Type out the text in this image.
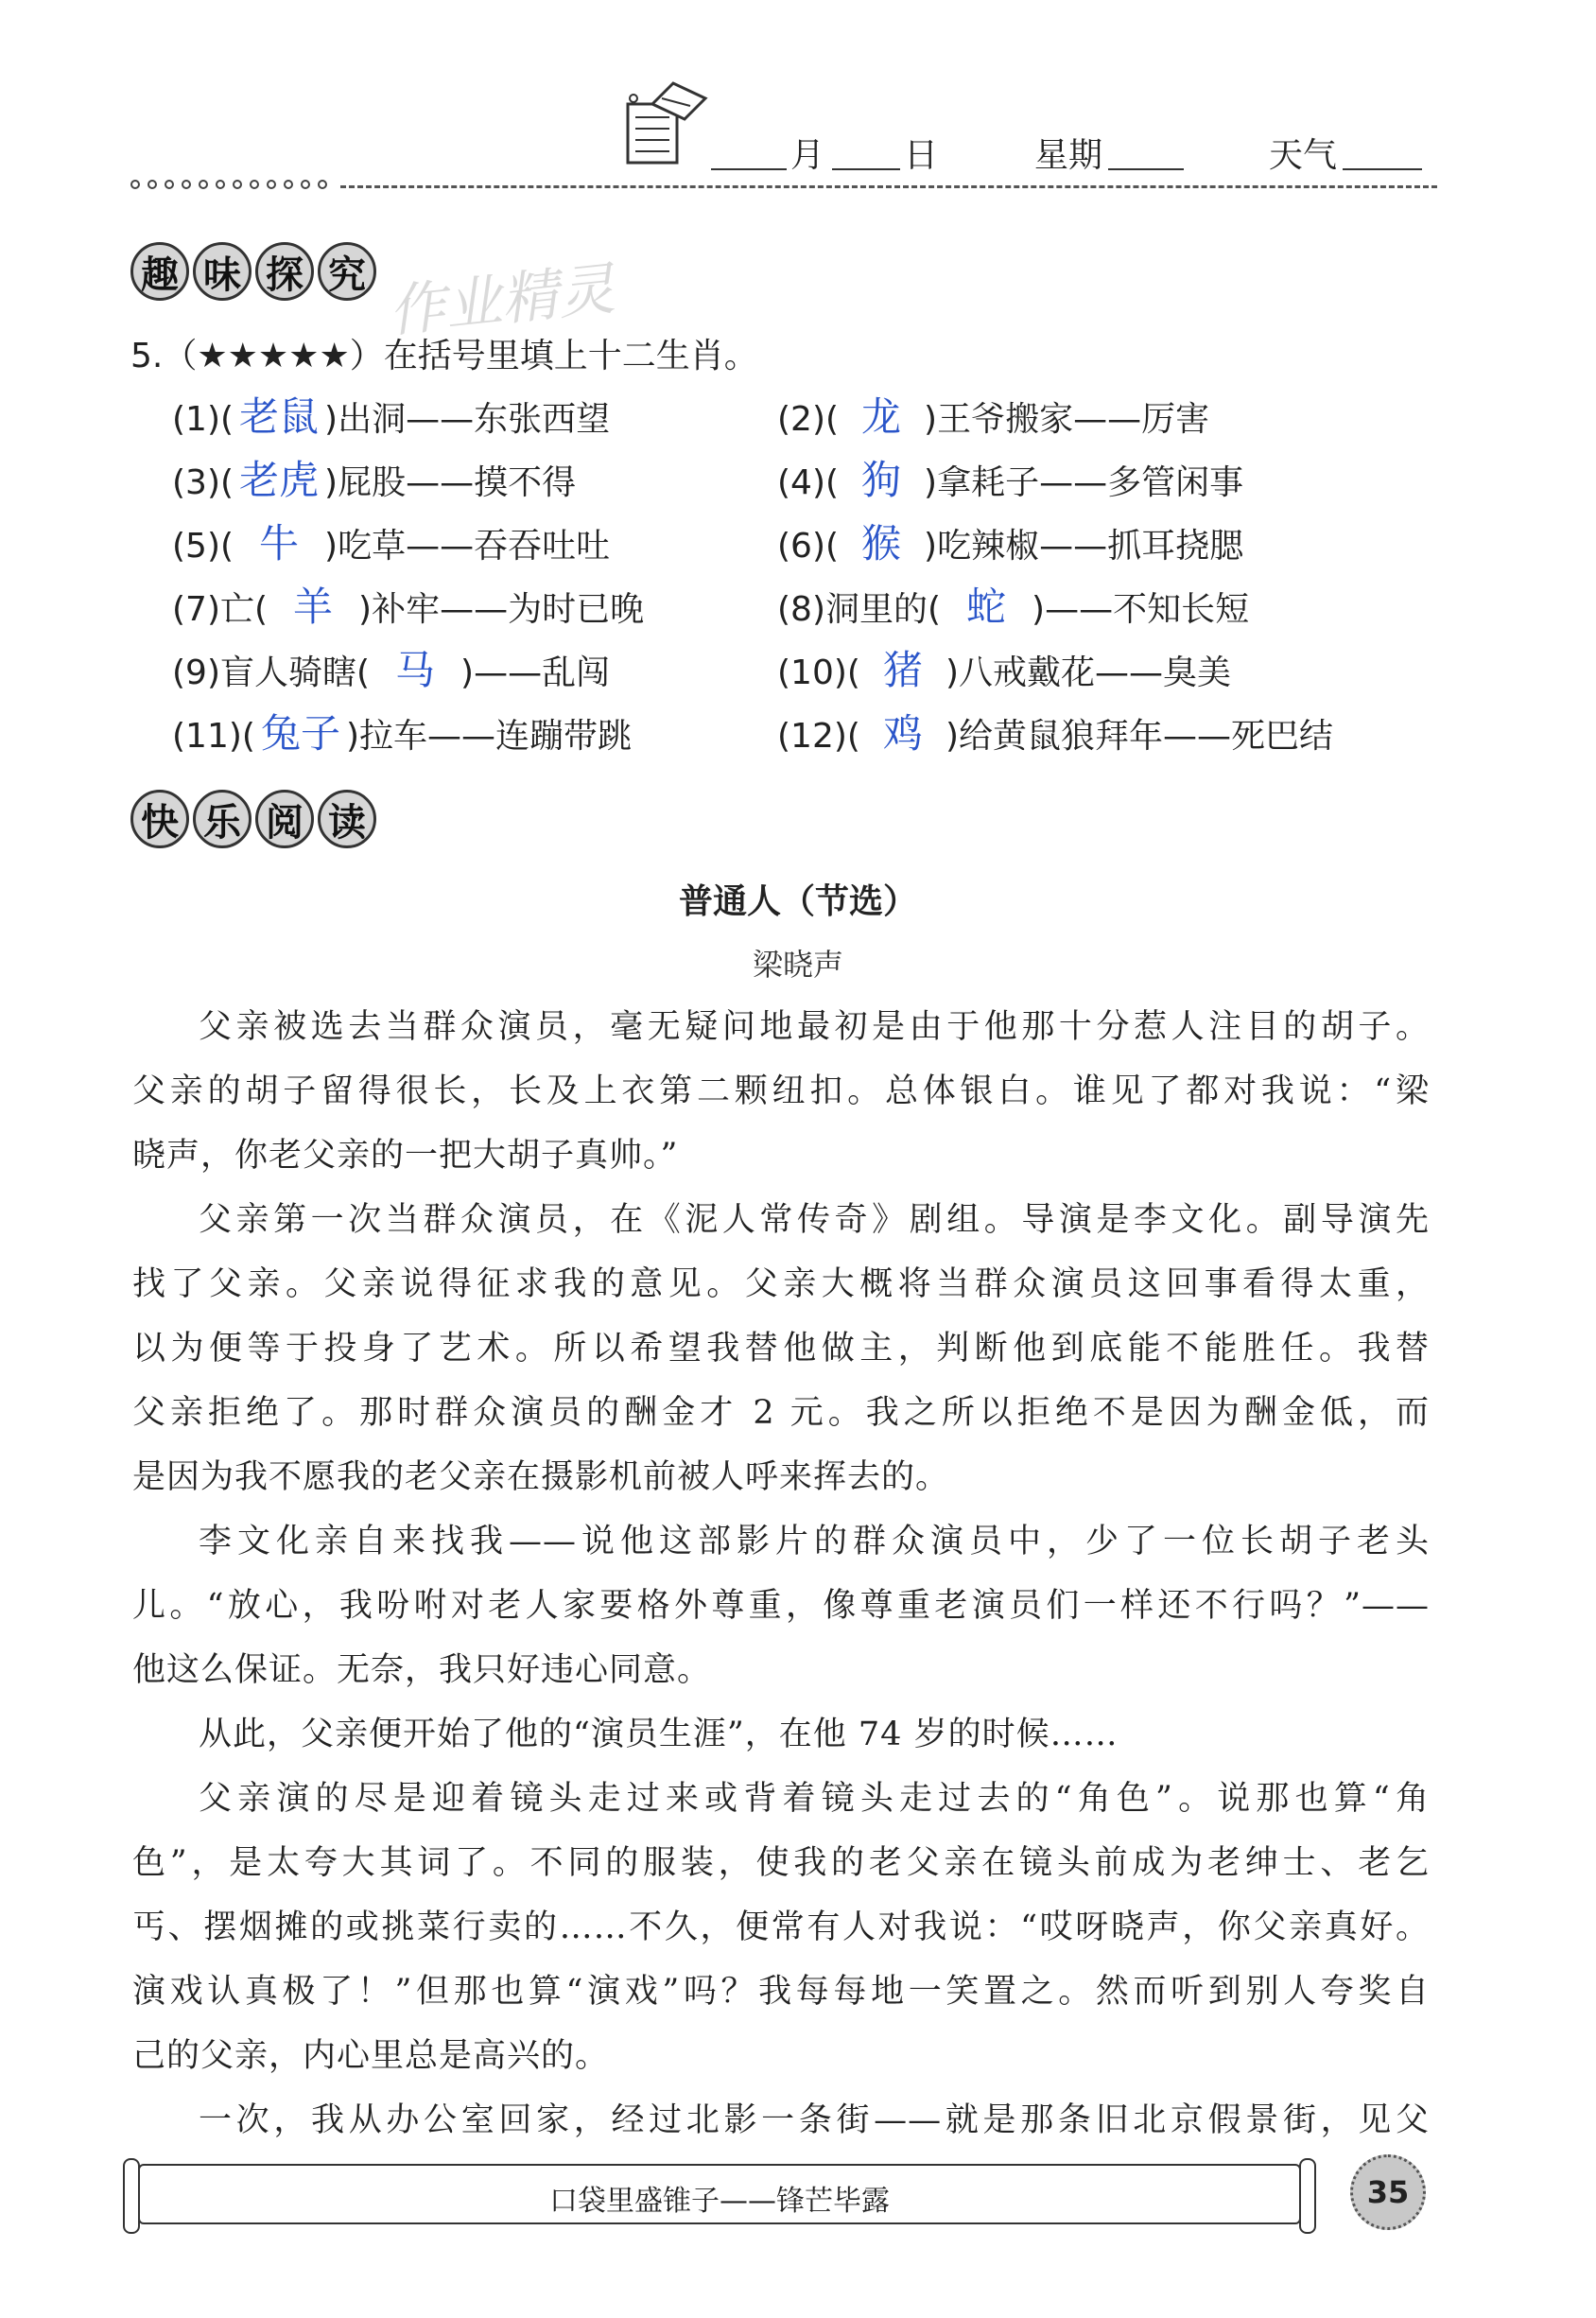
月 日	星期	天气
趣 味 探 究 作业精灵
5.（★★★★★）在括号里填上十二生肖。
(1)( 老鼠 )出洞——东张西望	(2)( 龙 )王爷搬家——厉害
(3)( 老虎 )屁股——摸不得	(4)( 狗 )拿耗子——多管闲事
(5)( 牛 )吃草——吞吞吐吐	(6)( 猴 )吃辣椒——抓耳挠腮
(7)亡( 羊 )补牢——为时已晚	(8)洞里的( 蛇 )——不知长短
(9)盲人骑瞎( 马 )——乱闯	(10)( 猪 )八戒戴花——臭美
(11)( 兔子 )拉车——连蹦带跳	(12)( 鸡 )给黄鼠狼拜年——死巴结
快 乐 阅 读
普通人（节选）
梁晓声
父亲被选去当群众演员，毫无疑问地最初是由于他那十分惹人注目的胡子。
父亲的胡子留得很长，长及上衣第二颗纽扣。总体银白。谁见了都对我说：“梁
晓声，你老父亲的一把大胡子真帅。”
父亲第一次当群众演员，在《泥人常传奇》剧组。导演是李文化。副导演先
找了父亲。父亲说得征求我的意见。父亲大概将当群众演员这回事看得太重，
以为便等于投身了艺术。所以希望我替他做主，判断他到底能不能胜任。我替
父亲拒绝了。那时群众演员的酬金才 2 元。我之所以拒绝不是因为酬金低，而
是因为我不愿我的老父亲在摄影机前被人呼来挥去的。
李文化亲自来找我——说他这部影片的群众演员中，少了一位长胡子老头
儿。“放心，我吩咐对老人家要格外尊重，像尊重老演员们一样还不行吗？”——
他这么保证。无奈，我只好违心同意。
从此，父亲便开始了他的“演员生涯”，在他 74 岁的时候……
父亲演的尽是迎着镜头走过来或背着镜头走过去的“角色”。说那也算“角
色”，是太夸大其词了。不同的服装，使我的老父亲在镜头前成为老绅士、老乞
丐、摆烟摊的或挑菜行卖的……不久，便常有人对我说：“哎呀晓声，你父亲真好。
演戏认真极了！”但那也算“演戏”吗？我每每地一笑置之。然而听到别人夸奖自
己的父亲，内心里总是高兴的。
一次，我从办公室回家，经过北影一条街——就是那条旧北京假景街，见父
口袋里盛锥子——锋芒毕露	35
